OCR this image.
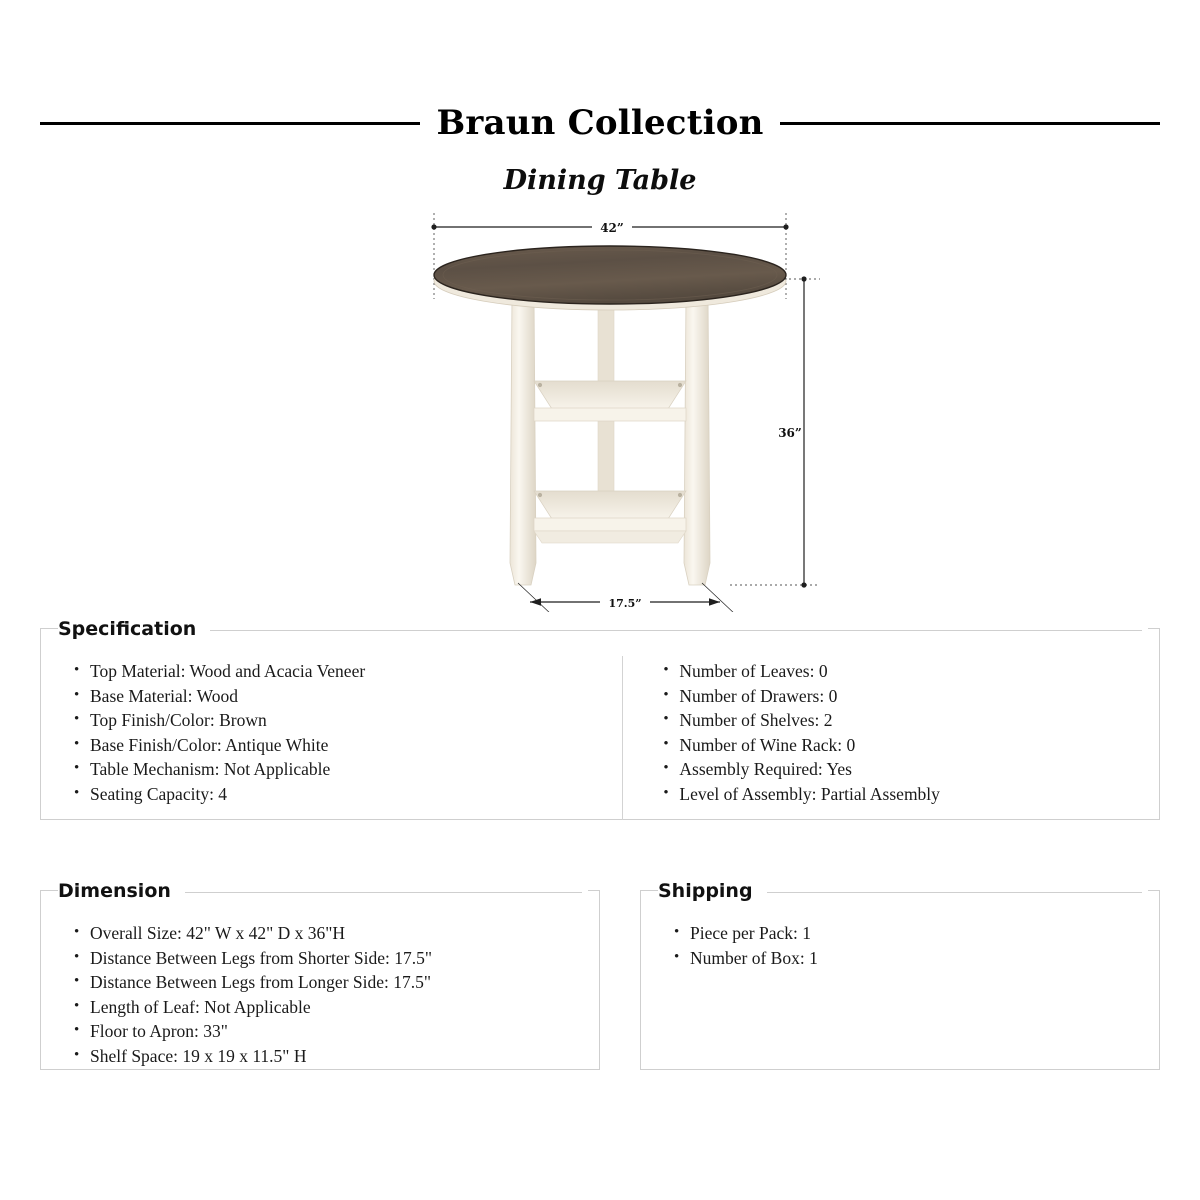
Braun Collection
Dining Table
42”
36”
17.5”
Specification
• Top Material: Wood and Acacia Veneer
• Base Material: Wood
• Top Finish/Color: Brown
• Base Finish/Color: Antique White
• Table Mechanism: Not Applicable
• Seating Capacity: 4
• Number of Leaves: 0
• Number of Drawers: 0
• Number of Shelves: 2
• Number of Wine Rack: 0
• Assembly Required: Yes
• Level of Assembly: Partial Assembly
Dimension
• Overall Size: 42" W x 42" D x 36"H
• Distance Between Legs from Shorter Side: 17.5"
• Distance Between Legs from Longer Side: 17.5"
• Length of Leaf: Not Applicable
• Floor to Apron: 33"
• Shelf Space: 19 x 19 x 11.5" H
Shipping
• Piece per Pack: 1
• Number of Box: 1
